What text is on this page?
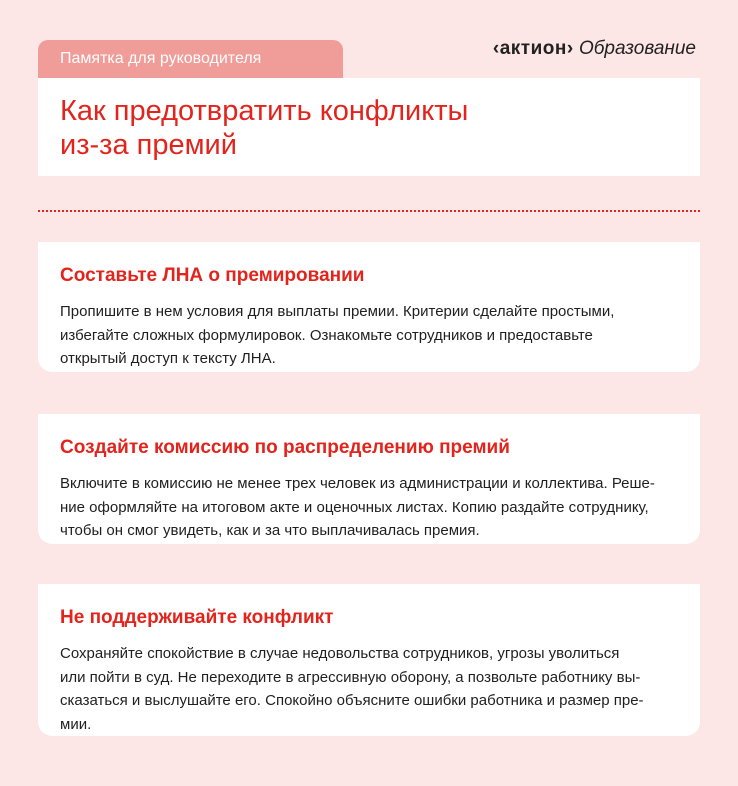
Памятка для руководителя	‹актион› Образование
Как предотвратить конфликты
из-за премий
Составьте ЛНА о премировании
Пропишите в нем условия для выплаты премии. Критерии сделайте простыми,
избегайте сложных формулировок. Ознакомьте сотрудников и предоставьте
открытый доступ к тексту ЛНА.
Создайте комиссию по распределению премий
Включите в комиссию не менее трех человек из администрации и коллектива. Реше-
ние оформляйте на итоговом акте и оценочных листах. Копию раздайте сотруднику,
чтобы он смог увидеть, как и за что выплачивалась премия.
Не поддерживайте конфликт
Сохраняйте спокойствие в случае недовольства сотрудников, угрозы уволиться
или пойти в суд. Не переходите в агрессивную оборону, а позвольте работнику вы-
сказаться и выслушайте его. Спокойно объясните ошибки работника и размер пре-
мии.
